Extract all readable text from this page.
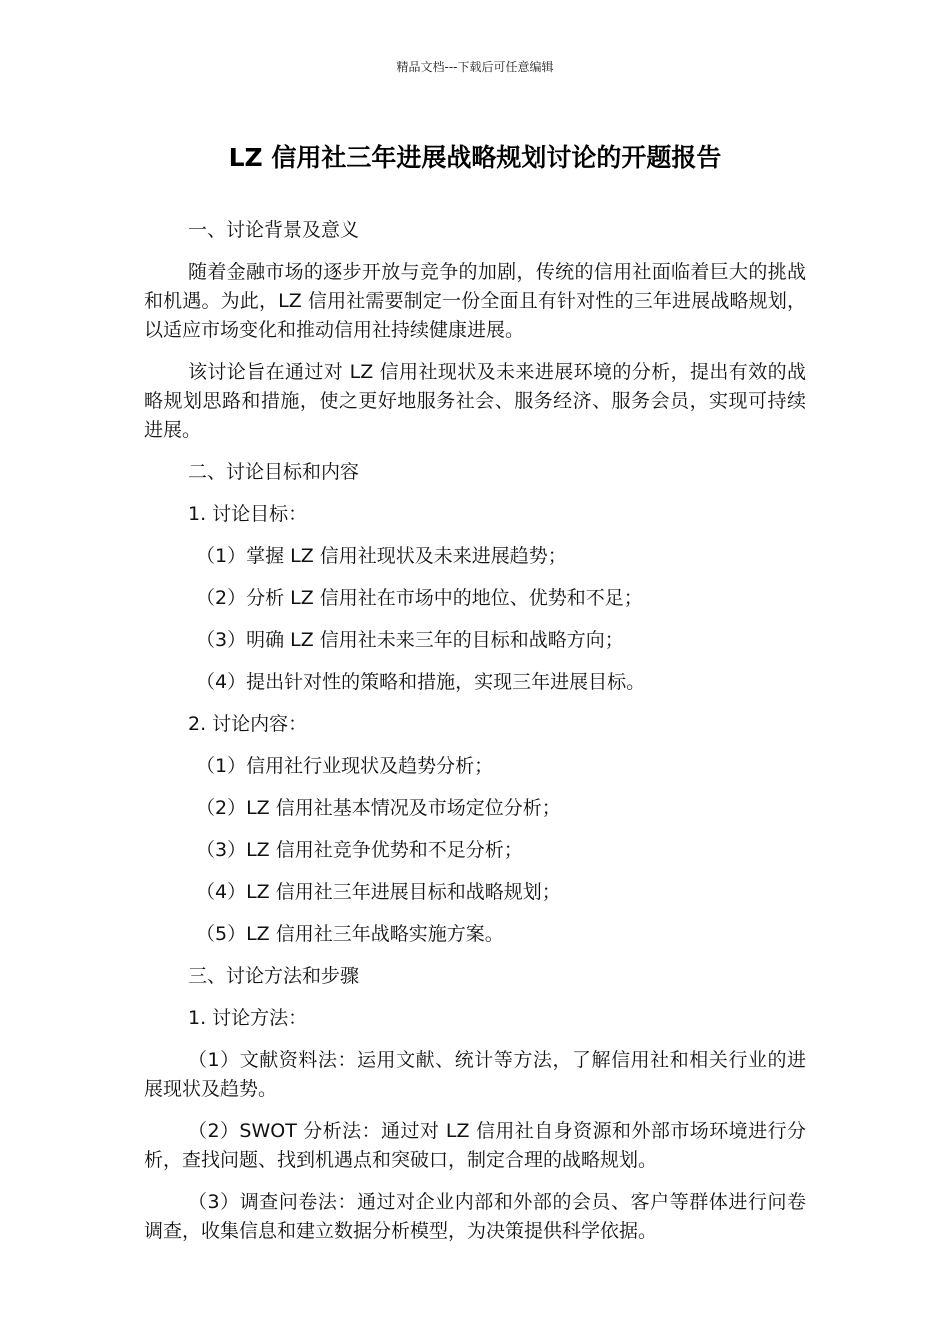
精品文档---下载后可任意编辑
LZ 信用社三年进展战略规划讨论的开题报告

一、讨论背景及意义

随着金融市场的逐步开放与竞争的加剧，传统的信用社面临着巨大的挑战和机遇。为此，LZ 信用社需要制定一份全面且有针对性的三年进展战略规划，以适应市场变化和推动信用社持续健康进展。

该讨论旨在通过对 LZ 信用社现状及未来进展环境的分析，提出有效的战略规划思路和措施，使之更好地服务社会、服务经济、服务会员，实现可持续进展。

二、讨论目标和内容

1. 讨论目标：

（1）掌握 LZ 信用社现状及未来进展趋势；

（2）分析 LZ 信用社在市场中的地位、优势和不足；

（3）明确 LZ 信用社未来三年的目标和战略方向；

（4）提出针对性的策略和措施，实现三年进展目标。

2. 讨论内容：

（1）信用社行业现状及趋势分析；

（2）LZ 信用社基本情况及市场定位分析；

（3）LZ 信用社竞争优势和不足分析；

（4）LZ 信用社三年进展目标和战略规划；

（5）LZ 信用社三年战略实施方案。

三、讨论方法和步骤

1. 讨论方法：

（1）文献资料法：运用文献、统计等方法，了解信用社和相关行业的进展现状及趋势。

（2）SWOT 分析法：通过对 LZ 信用社自身资源和外部市场环境进行分析，查找问题、找到机遇点和突破口，制定合理的战略规划。

（3）调查问卷法：通过对企业内部和外部的会员、客户等群体进行问卷调查，收集信息和建立数据分析模型，为决策提供科学依据。
